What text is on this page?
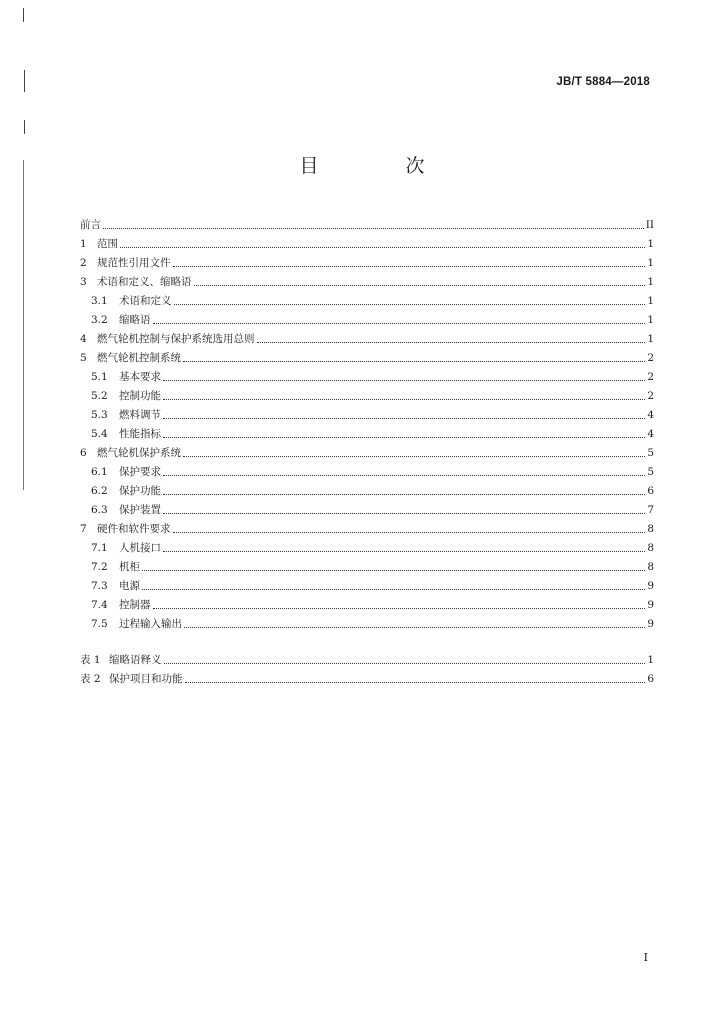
JB/T 5884—2018
目　次
前言	II
1 范围	1
2 规范性引用文件	1
3 术语和定义、缩略语	1
3.1	术语和定义	1
3.2	缩略语	1
4 燃气轮机控制与保护系统选用总则	1
5 燃气轮机控制系统	2
5.1	基本要求	2
5.2	控制功能	2
5.3	燃料调节	4
5.4	性能指标	4
6 燃气轮机保护系统	5
6.1	保护要求	5
6.2	保护功能	6
6.3	保护装置	7
7 硬件和软件要求	8
7.1	人机接口	8
7.2	机柜	8
7.3	电源	9
7.4	控制器	9
7.5	过程输入输出	9
表 1 缩略语释义	1
表 2 保护项目和功能	6
I
